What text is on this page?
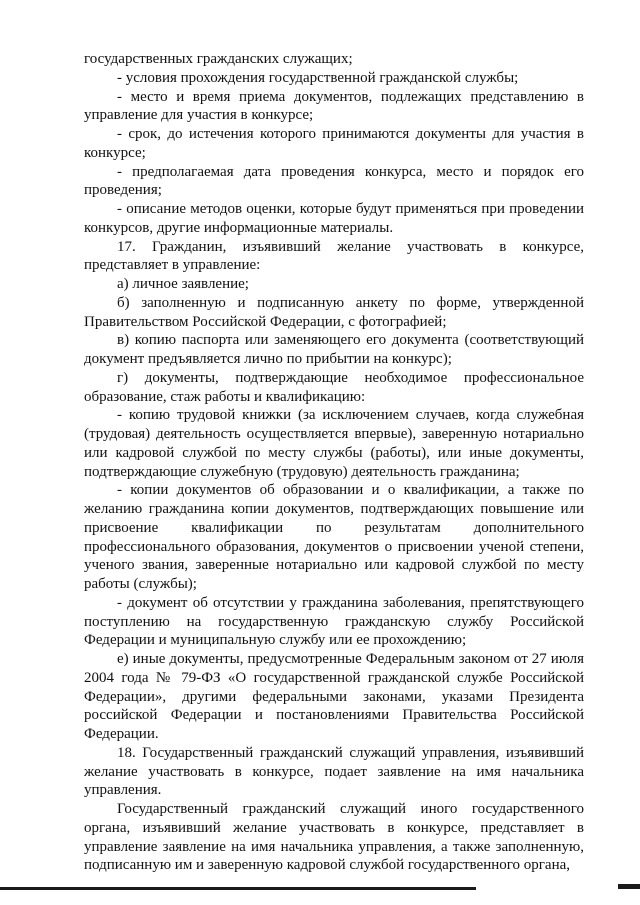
государственных гражданских служащих;

- условия прохождения государственной гражданской службы;

- место и время приема документов, подлежащих представлению в управление для участия в конкурсе;

- срок, до истечения которого принимаются документы для участия в конкурсе;

- предполагаемая дата проведения конкурса, место и порядок его проведения;

- описание методов оценки, которые будут применяться при проведении конкурсов, другие информационные материалы.

17. Гражданин, изъявивший желание участвовать в конкурсе, представляет в управление:

а) личное заявление;

б) заполненную и подписанную анкету по форме, утвержденной Правительством Российской Федерации, с фотографией;

в) копию паспорта или заменяющего его документа (соответствующий документ предъявляется лично по прибытии на конкурс);

г) документы, подтверждающие необходимое профессиональное образование, стаж работы и квалификацию:

- копию трудовой книжки (за исключением случаев, когда служебная (трудовая) деятельность осуществляется впервые), заверенную нотариально или кадровой службой по месту службы (работы), или иные документы, подтверждающие служебную (трудовую) деятельность гражданина;

- копии документов об образовании и о квалификации, а также по желанию гражданина копии документов, подтверждающих повышение или присвоение квалификации по результатам дополнительного профессионального образования, документов о присвоении ученой степени, ученого звания, заверенные нотариально или кадровой службой по месту работы (службы);

- документ об отсутствии у гражданина заболевания, препятствующего поступлению на государственную гражданскую службу Российской Федерации и муниципальную службу или ее прохождению;

е) иные документы, предусмотренные Федеральным законом от 27 июля 2004 года № 79-ФЗ «О государственной гражданской службе Российской Федерации», другими федеральными законами, указами Президента российской Федерации и постановлениями Правительства Российской Федерации.

18. Государственный гражданский служащий управления, изъявивший желание участвовать в конкурсе, подает заявление на имя начальника управления.

Государственный гражданский служащий иного государственного органа, изъявивший желание участвовать в конкурсе, представляет в управление заявление на имя начальника управления, а также заполненную, подписанную им и заверенную кадровой службой государственного органа,
